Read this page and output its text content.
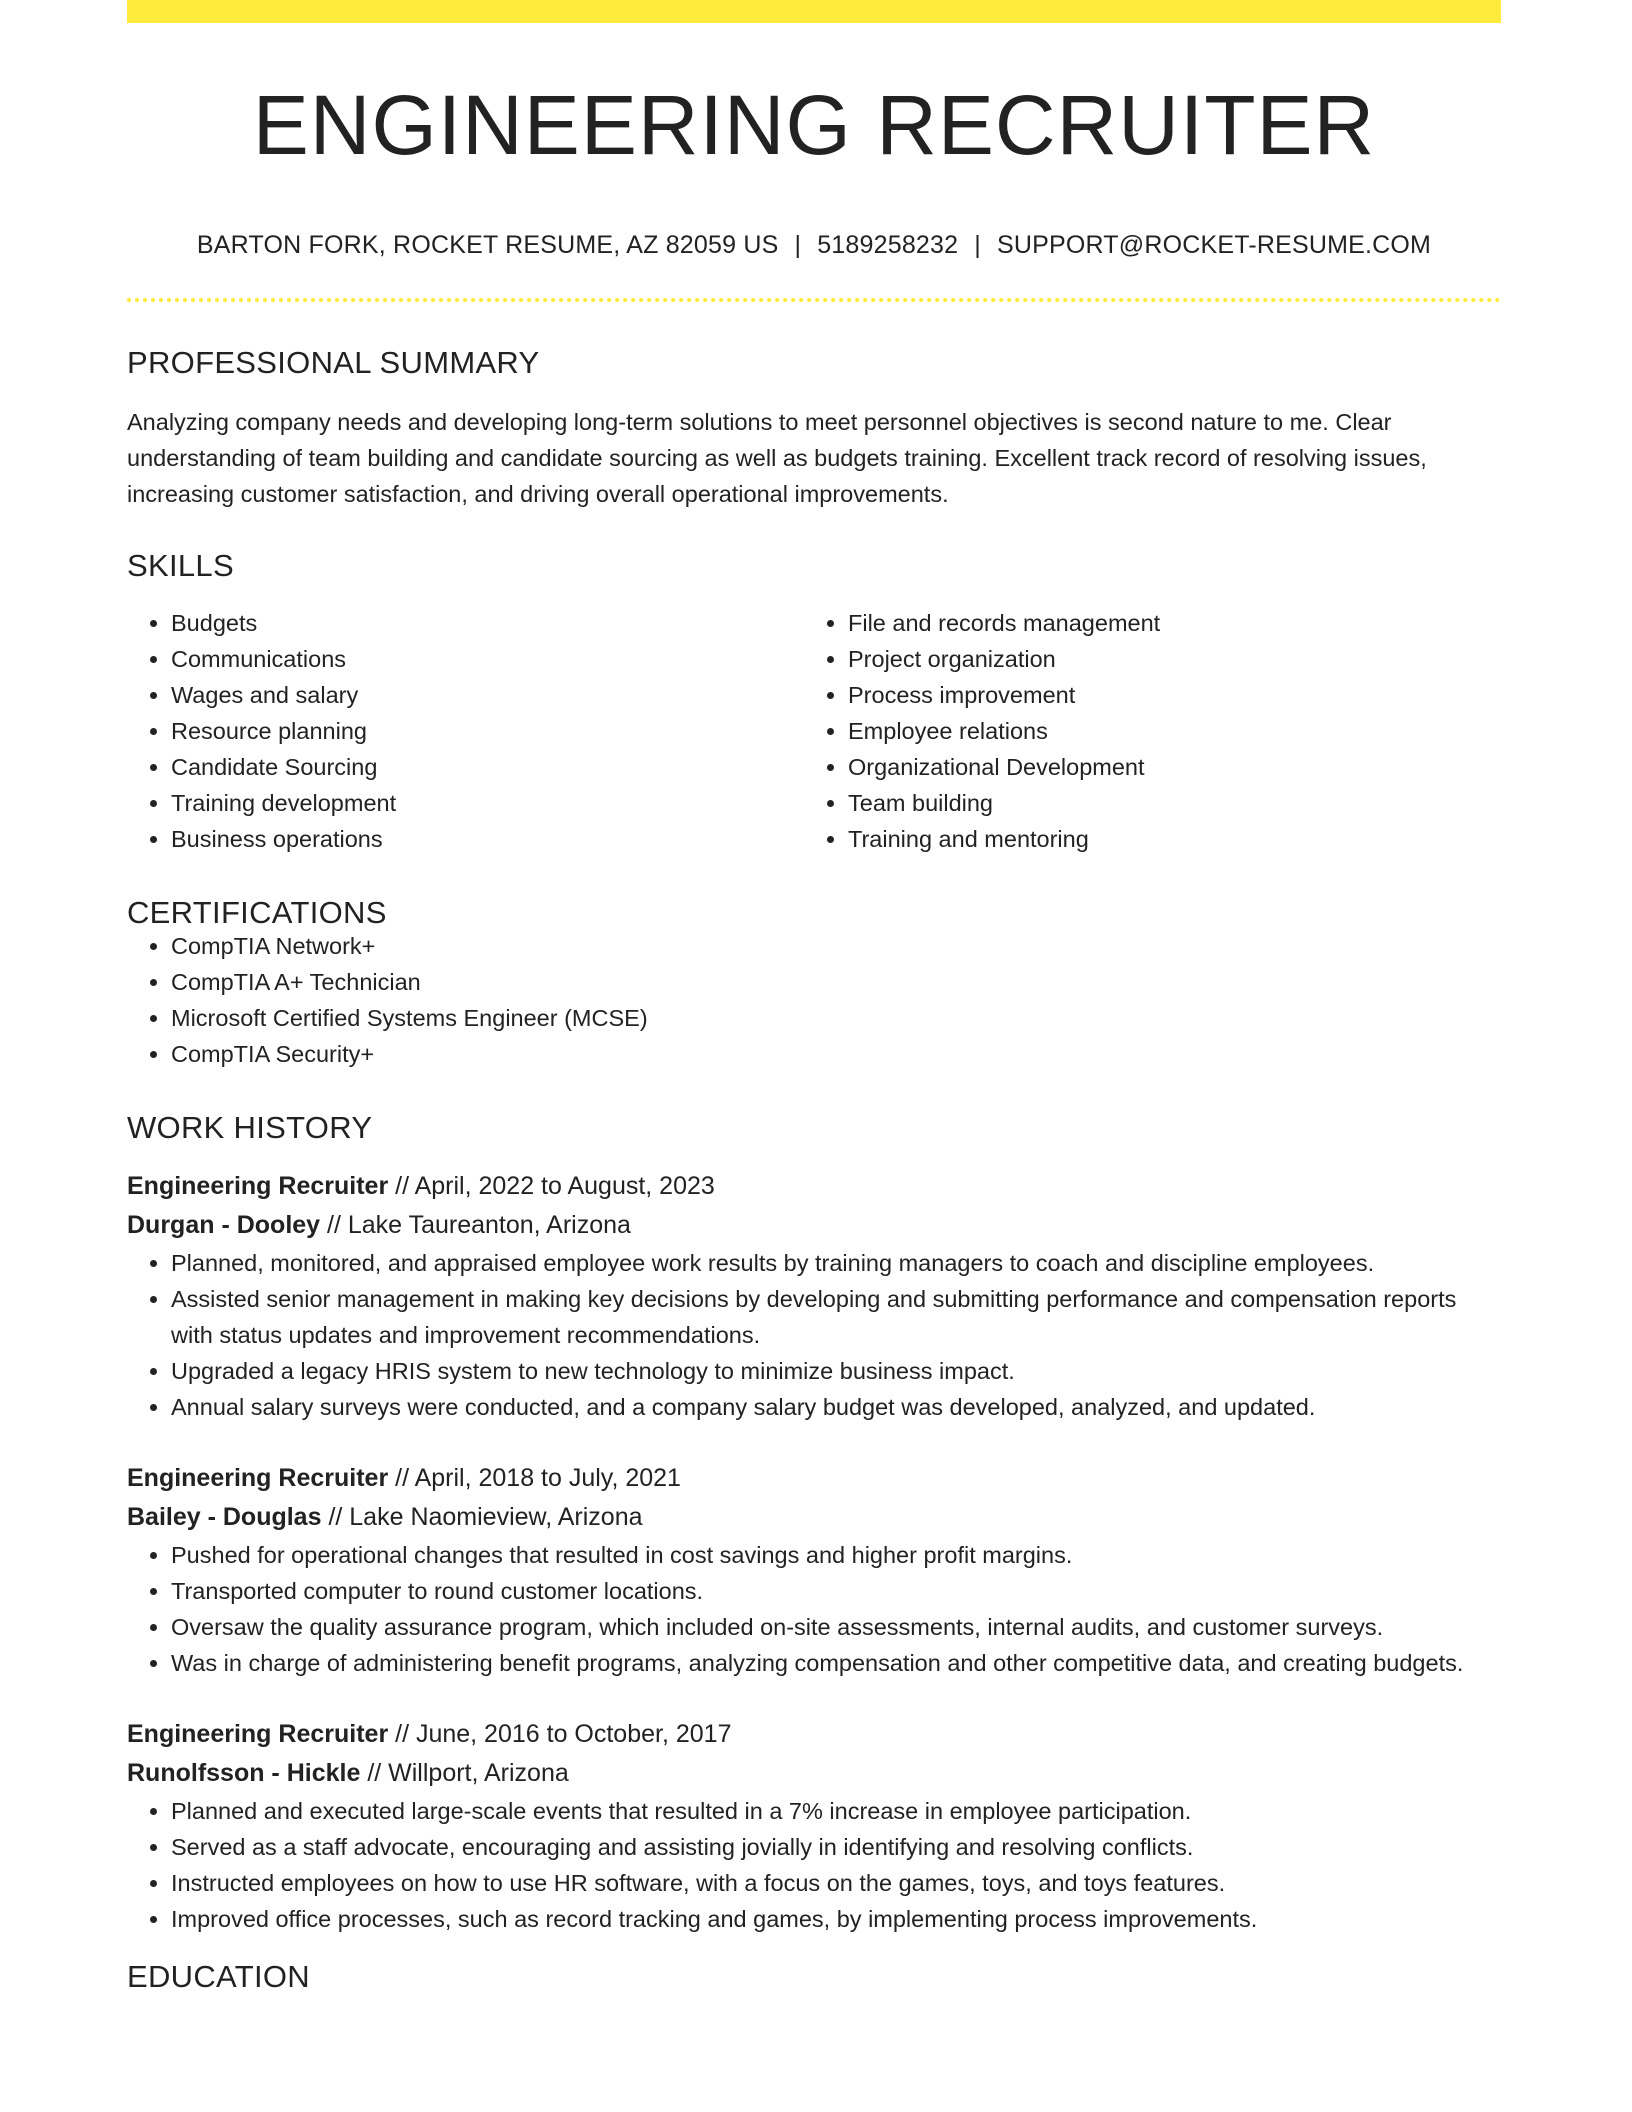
ENGINEERING RECRUITER
BARTON FORK, ROCKET RESUME, AZ 82059 US | 5189258232 | SUPPORT@ROCKET-RESUME.COM
PROFESSIONAL SUMMARY
Analyzing company needs and developing long-term solutions to meet personnel objectives is second nature to me. Clear understanding of team building and candidate sourcing as well as budgets training. Excellent track record of resolving issues, increasing customer satisfaction, and driving overall operational improvements.
SKILLS
• Budgets
• Communications
• Wages and salary
• Resource planning
• Candidate Sourcing
• Training development
• Business operations
• File and records management
• Project organization
• Process improvement
• Employee relations
• Organizational Development
• Team building
• Training and mentoring
CERTIFICATIONS
• CompTIA Network+
• CompTIA A+ Technician
• Microsoft Certified Systems Engineer (MCSE)
• CompTIA Security+
WORK HISTORY
Engineering Recruiter // April, 2022 to August, 2023
Durgan - Dooley // Lake Taureanton, Arizona
• Planned, monitored, and appraised employee work results by training managers to coach and discipline employees.
• Assisted senior management in making key decisions by developing and submitting performance and compensation reports with status updates and improvement recommendations.
• Upgraded a legacy HRIS system to new technology to minimize business impact.
• Annual salary surveys were conducted, and a company salary budget was developed, analyzed, and updated.
Engineering Recruiter // April, 2018 to July, 2021
Bailey - Douglas // Lake Naomieview, Arizona
• Pushed for operational changes that resulted in cost savings and higher profit margins.
• Transported computer to round customer locations.
• Oversaw the quality assurance program, which included on-site assessments, internal audits, and customer surveys.
• Was in charge of administering benefit programs, analyzing compensation and other competitive data, and creating budgets.
Engineering Recruiter // June, 2016 to October, 2017
Runolfsson - Hickle // Willport, Arizona
• Planned and executed large-scale events that resulted in a 7% increase in employee participation.
• Served as a staff advocate, encouraging and assisting jovially in identifying and resolving conflicts.
• Instructed employees on how to use HR software, with a focus on the games, toys, and toys features.
• Improved office processes, such as record tracking and games, by implementing process improvements.
EDUCATION
